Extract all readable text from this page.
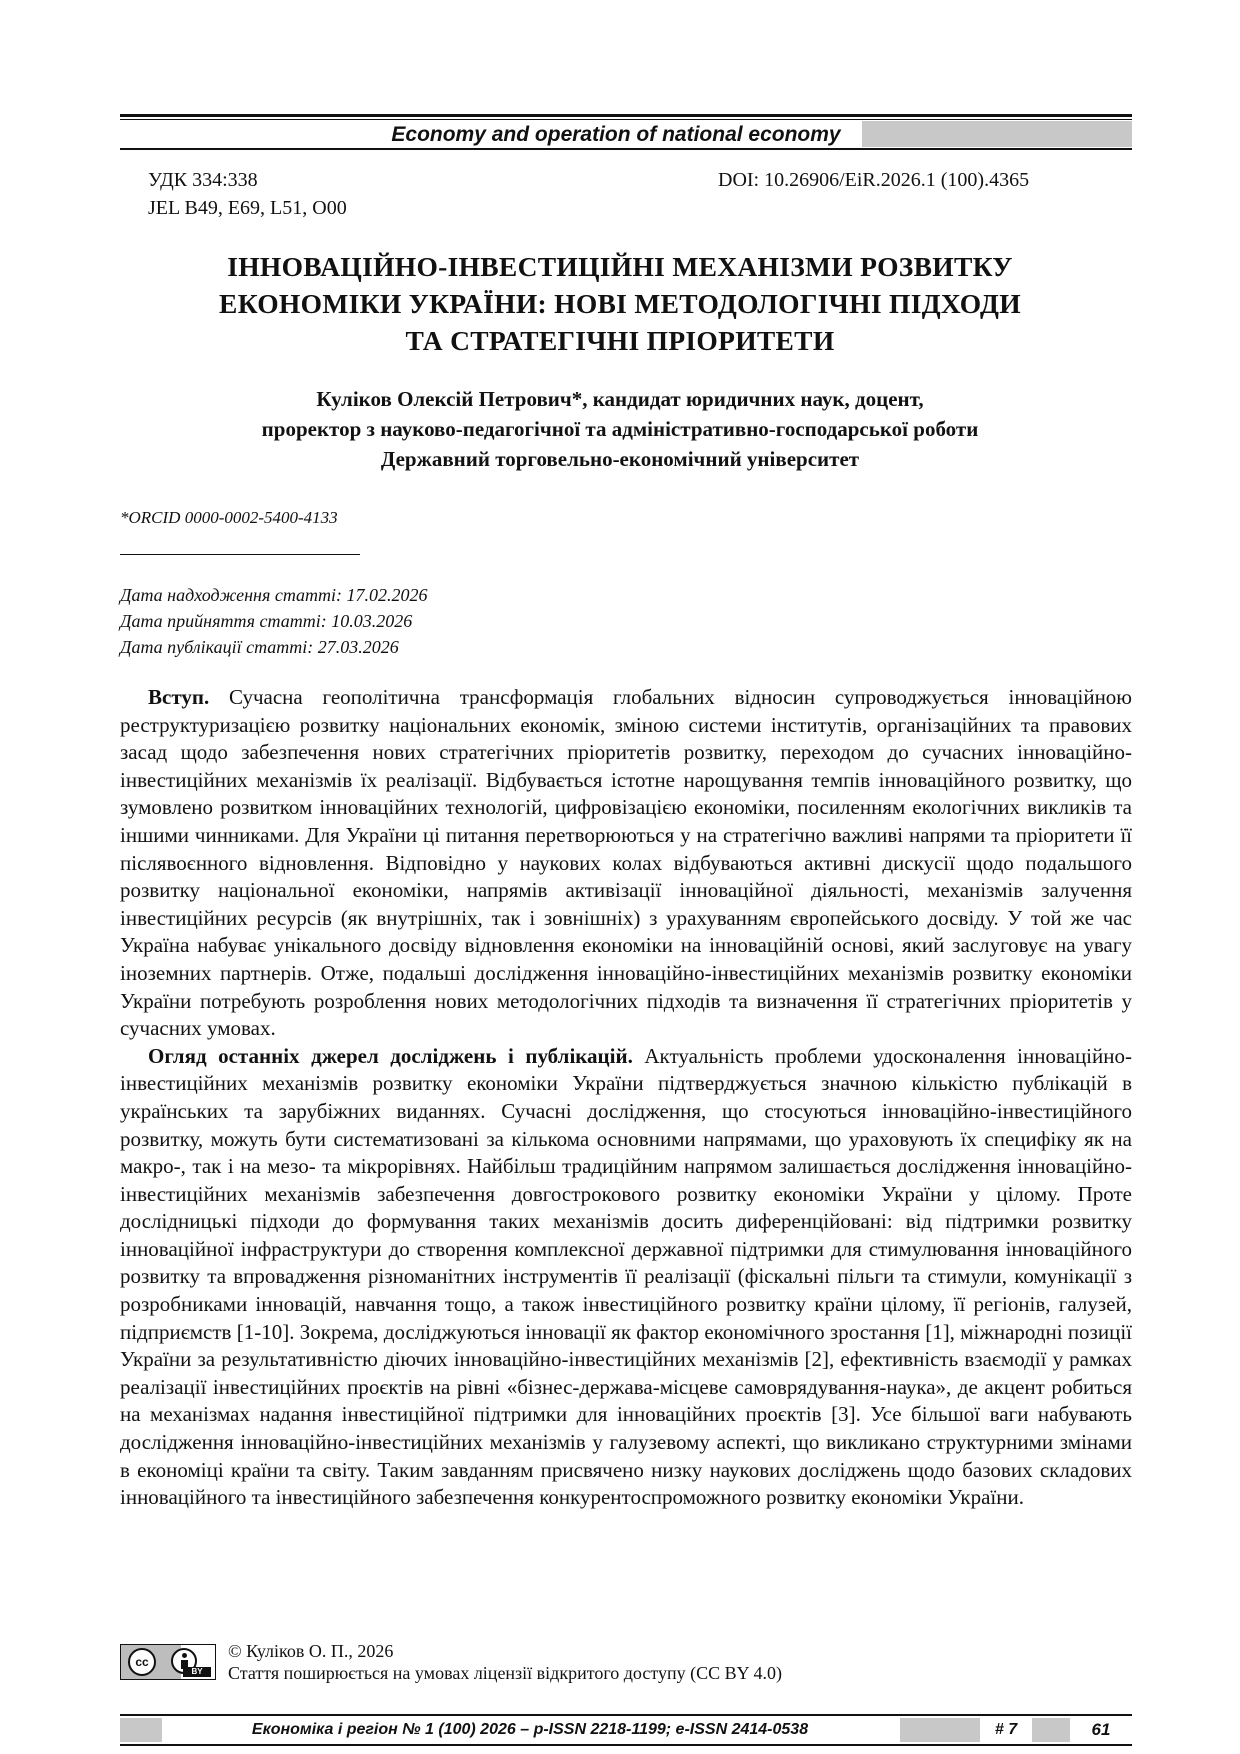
Economy and operation of national economy
УДК 334:338
JEL B49, E69, L51, O00
DOI: 10.26906/EiR.2026.1 (100).4365
ІННОВАЦІЙНО-ІНВЕСТИЦІЙНІ МЕХАНІЗМИ РОЗВИТКУ
ЕКОНОМІКИ УКРАЇНИ: НОВІ МЕТОДОЛОГІЧНІ ПІДХОДИ
ТА СТРАТЕГІЧНІ ПРІОРИТЕТИ
Куліков Олексій Петрович*, кандидат юридичних наук, доцент,
проректор з науково-педагогічної та адміністративно-господарської роботи
Державний торговельно-економічний університет
*ORCID 0000-0002-5400-4133
Дата надходження статті: 17.02.2026
Дата прийняття статті: 10.03.2026
Дата публікації статті: 27.03.2026

Вступ. Сучасна геополітична трансформація глобальних відносин супроводжується інноваційною реструктуризацією розвитку національних економік, зміною системи інститутів, організаційних та правових засад щодо забезпечення нових стратегічних пріоритетів розвитку, переходом до сучасних інноваційно-інвестиційних механізмів їх реалізації. Відбувається істотне нарощування темпів інноваційного розвитку, що зумовлено розвитком інноваційних технологій, цифровізацією економіки, посиленням екологічних викликів та іншими чинниками. Для України ці питання перетворюються у на стратегічно важливі напрями та пріоритети її післявоєнного відновлення. Відповідно у наукових колах відбуваються активні дискусії щодо подальшого розвитку національної економіки, напрямів активізації інноваційної діяльності, механізмів залучення інвестиційних ресурсів (як внутрішніх, так і зовнішніх) з урахуванням європейського досвіду. У той же час Україна набуває унікального досвіду відновлення економіки на інноваційній основі, який заслуговує на увагу іноземних партнерів. Отже, подальші дослідження інноваційно-інвестиційних механізмів розвитку економіки України потребують розроблення нових методологічних підходів та визначення її стратегічних пріоритетів у сучасних умовах.

Огляд останніх джерел досліджень і публікацій. Актуальність проблеми удосконалення інноваційно-інвестиційних механізмів розвитку економіки України підтверджується значною кількістю публікацій в українських та зарубіжних виданнях. Сучасні дослідження, що стосуються інноваційно-інвестиційного розвитку, можуть бути систематизовані за кількома основними напрямами, що ураховують їх специфіку як на макро-, так і на мезо- та мікрорівнях. Найбільш традиційним напрямом залишається дослідження інноваційно-інвестиційних механізмів забезпечення довгострокового розвитку економіки України у цілому. Проте дослідницькі підходи до формування таких механізмів досить диференційовані: від підтримки розвитку інноваційної інфраструктури до створення комплексної державної підтримки для стимулювання інноваційного розвитку та впровадження різноманітних інструментів її реалізації (фіскальні пільги та стимули, комунікації з розробниками інновацій, навчання тощо, а також інвестиційного розвитку країни цілому, її регіонів, галузей, підприємств [1-10]. Зокрема, досліджуються інновації як фактор економічного зростання [1], міжнародні позиції України за результативністю діючих інноваційно-інвестиційних механізмів [2], ефективність взаємодії у рамках реалізації інвестиційних проєктів на рівні «бізнес-держава-місцеве самоврядування-наука», де акцент робиться на механізмах надання інвестиційної підтримки для інноваційних проєктів [3]. Усе більшої ваги набувають дослідження інноваційно-інвестиційних механізмів у галузевому аспекті, що викликано структурними змінами в економіці країни та світу. Таким завданням присвячено низку наукових досліджень щодо базових складових інноваційного та інвестиційного забезпечення конкурентоспроможного розвитку економіки України.

cc
BY
© Куліков О. П., 2026
Стаття поширюється на умовах ліцензії відкритого доступу (CC BY 4.0)
Економіка і регіон № 1 (100) 2026 – p-ISSN 2218-1199; e-ISSN 2414-0538	# 7	61
